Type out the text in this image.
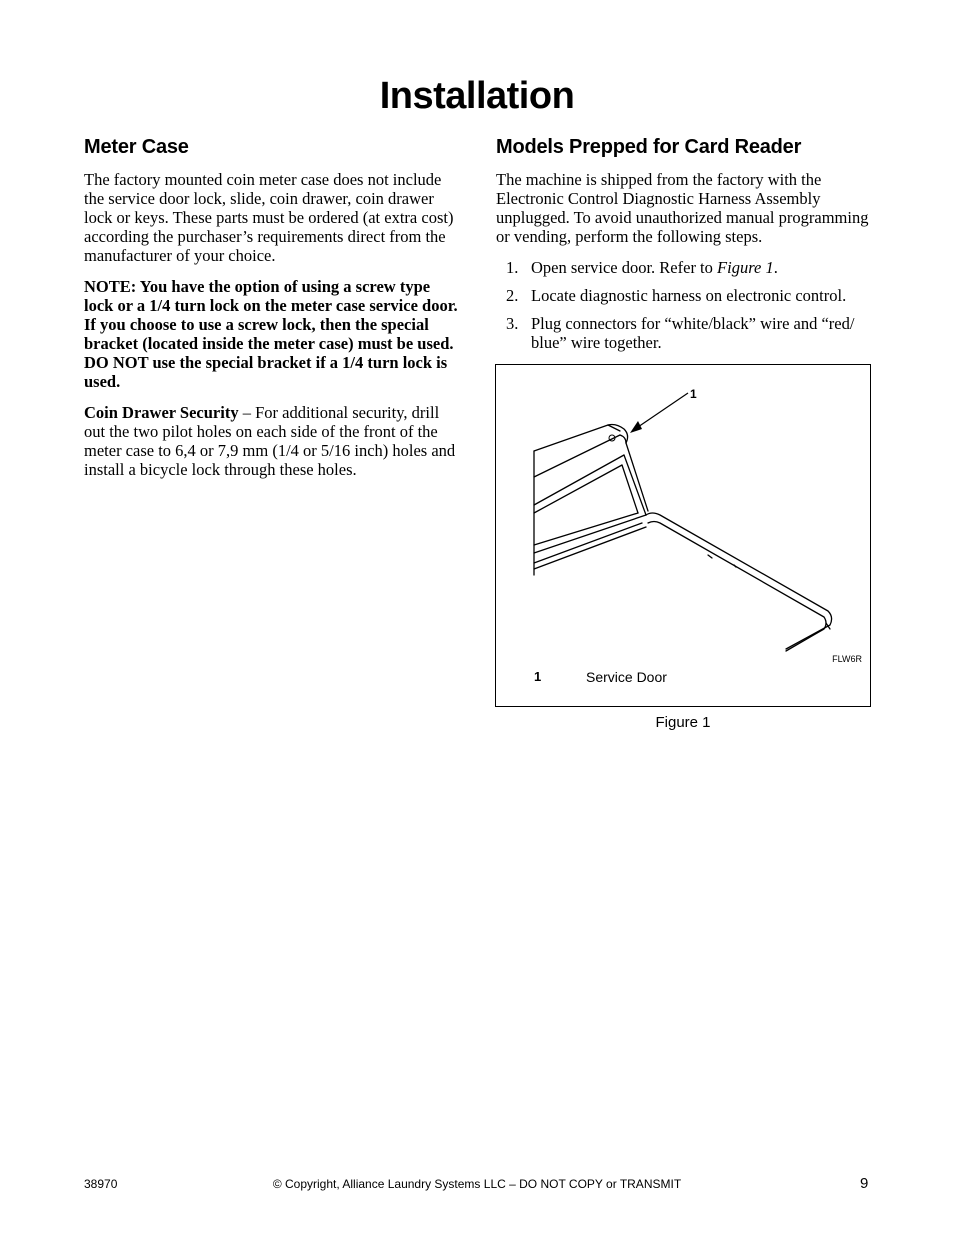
Installation
Meter Case

The factory mounted coin meter case does not include the service door lock, slide, coin drawer, coin drawer lock or keys. These parts must be ordered (at extra cost) according the purchaser’s requirements direct from the manufacturer of your choice.

NOTE: You have the option of using a screw type lock or a 1/4 turn lock on the meter case service door. If you choose to use a screw lock, then the special bracket (located inside the meter case) must be used. DO NOT use the special bracket if a 1/4 turn lock is used.

Coin Drawer Security – For additional security, drill out the two pilot holes on each side of the front of the meter case to 6,4 or 7,9 mm (1/4 or 5/16 inch) holes and install a bicycle lock through these holes.

Models Prepped for Card Reader

The machine is shipped from the factory with the Electronic Control Diagnostic Harness Assembly unplugged. To avoid unauthorized manual programming or vending, perform the following steps.

1. Open service door. Refer to Figure 1.
2. Locate diagnostic harness on electronic control.
3. Plug connectors for “white/black” wire and “red/ blue” wire together.
1
FLW6R
1	Service Door
Figure 1
38970	© Copyright, Alliance Laundry Systems LLC – DO NOT COPY or TRANSMIT	9
